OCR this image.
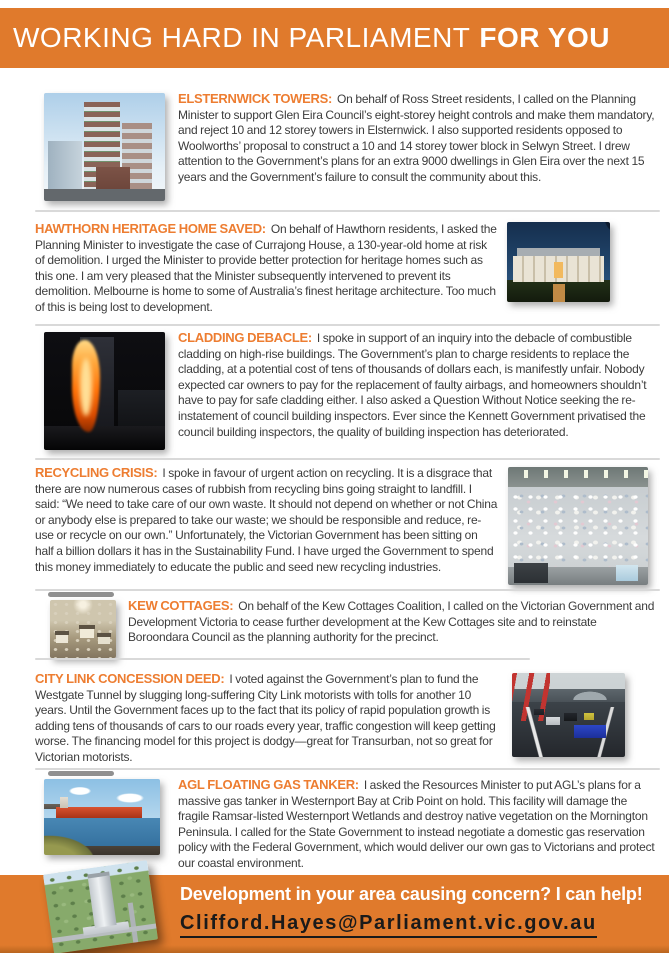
WORKING HARD IN PARLIAMENT FOR YOU

ELSTERNWICK TOWERS: On behalf of Ross Street residents, I called on the Planning Minister to support Glen Eira Council’s eight-storey height controls and make them mandatory, and reject 10 and 12 storey towers in Elsternwick. I also supported residents opposed to Woolworths’ proposal to construct a 10 and 14 storey tower block in Selwyn Street. I drew attention to the Government’s plans for an extra 9000 dwellings in Glen Eira over the next 15 years and the Government’s failure to consult the community about this.

HAWTHORN HERITAGE HOME SAVED: On behalf of Hawthorn residents, I asked the Planning Minister to investigate the case of Currajong House, a 130-year-old home at risk of demolition. I urged the Minister to provide better protection for heritage homes such as this one. I am very pleased that the Minister subsequently intervened to prevent its demolition. Melbourne is home to some of Australia’s finest heritage architecture. Too much of this is being lost to development.

CLADDING DEBACLE: I spoke in support of an inquiry into the debacle of combustible cladding on high-rise buildings. The Government’s plan to charge residents to replace the cladding, at a potential cost of tens of thousands of dollars each, is manifestly unfair. Nobody expected car owners to pay for the replacement of faulty airbags, and homeowners shouldn’t have to pay for safe cladding either. I also asked a Question Without Notice seeking the re-instatement of council building inspectors. Ever since the Kennett Government privatised the council building inspectors, the quality of building inspection has deteriorated.

RECYCLING CRISIS: I spoke in favour of urgent action on recycling. It is a disgrace that there are now numerous cases of rubbish from recycling bins going straight to landfill. I said: “We need to take care of our own waste. It should not depend on whether or not China or anybody else is prepared to take our waste; we should be responsible and reduce, re-use or recycle on our own.” Unfortunately, the Victorian Government has been sitting on half a billion dollars it has in the Sustainability Fund. I have urged the Government to spend this money immediately to educate the public and seed new recycling industries.

KEW COTTAGES: On behalf of the Kew Cottages Coalition, I called on the Victorian Government and Development Victoria to cease further development at the Kew Cottages site and to reinstate Boroondara Council as the planning authority for the precinct.

CITY LINK CONCESSION DEED: I voted against the Government’s plan to fund the Westgate Tunnel by slugging long-suffering City Link motorists with tolls for another 10 years. Until the Government faces up to the fact that its policy of rapid population growth is adding tens of thousands of cars to our roads every year, traffic congestion will keep getting worse. The financing model for this project is dodgy—great for Transurban, not so great for Victorian motorists.

AGL FLOATING GAS TANKER: I asked the Resources Minister to put AGL’s plans for a massive gas tanker in Westernport Bay at Crib Point on hold. This facility will damage the fragile Ramsar-listed Westernport Wetlands and destroy native vegetation on the Mornington Peninsula. I called for the State Government to instead negotiate a domestic gas reservation policy with the Federal Government, which would deliver our own gas to Victorians and protect our coastal environment.

Development in your area causing concern? I can help!
Clifford.Hayes@Parliament.vic.gov.au
